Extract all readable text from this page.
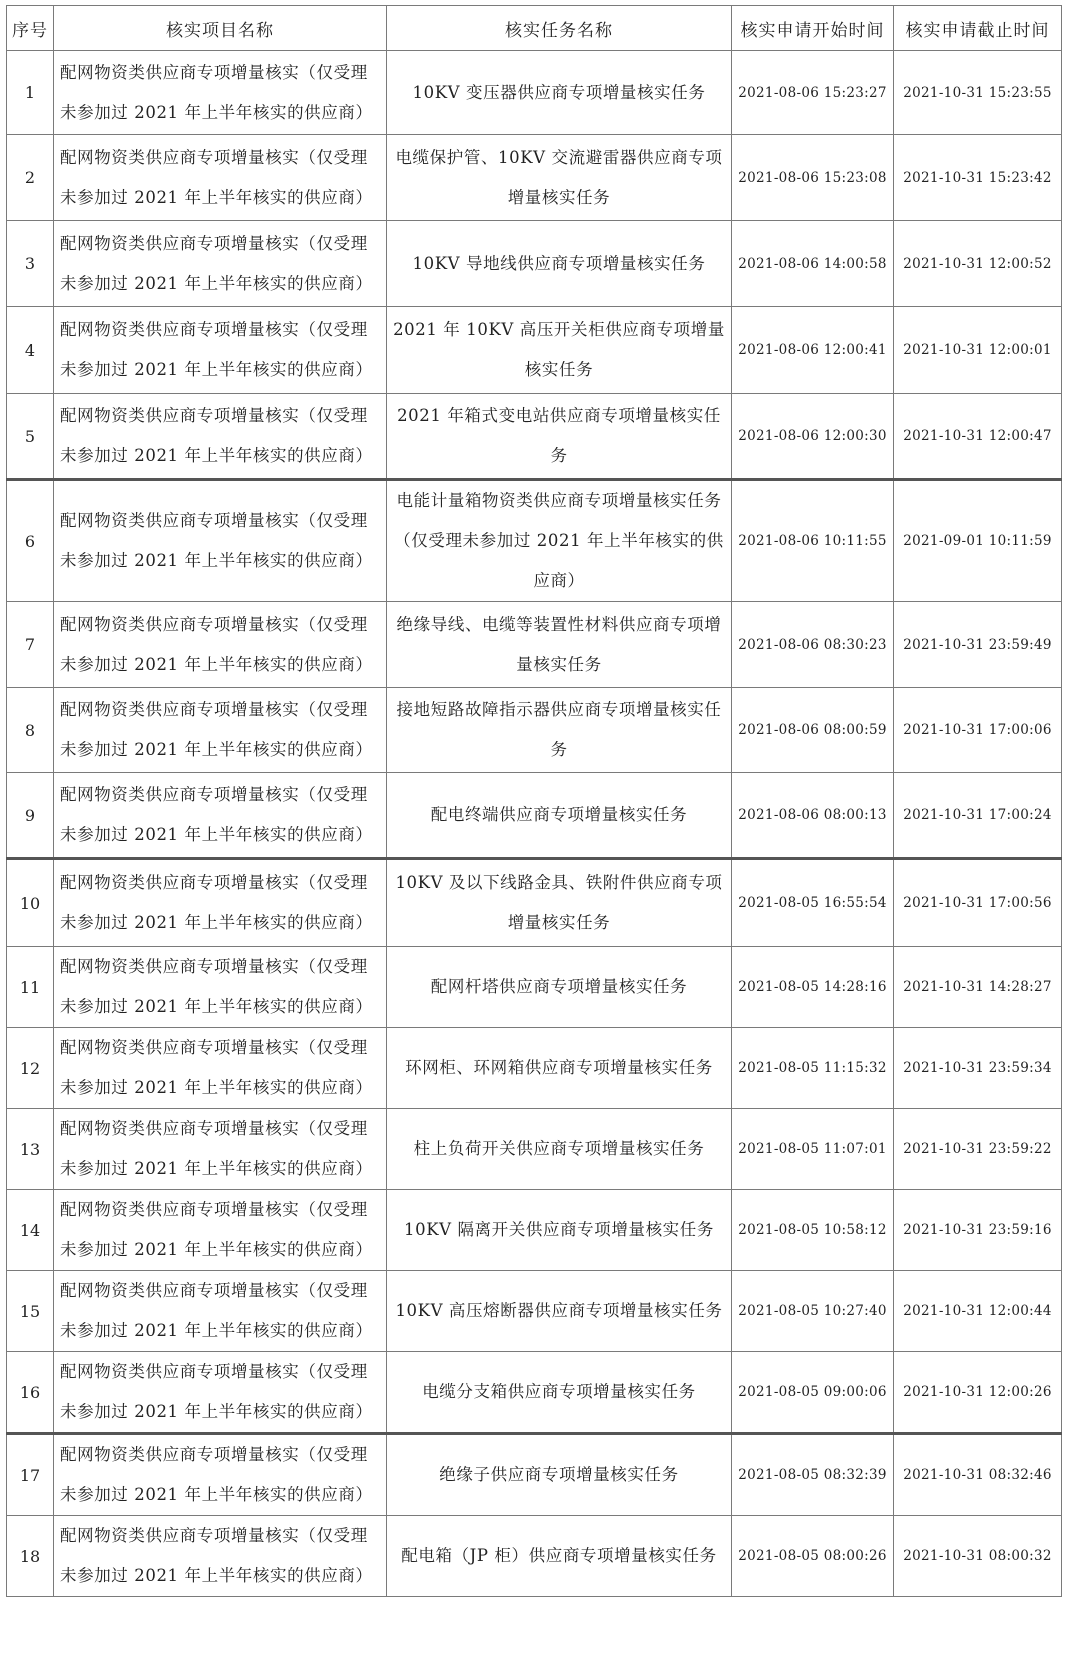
序号	核实项目名称	核实任务名称	核实申请开始时间	核实申请截止时间
1	配网物资类供应商专项增量核实（仅受理未参加过 2021 年上半年核实的供应商）	10KV 变压器供应商专项增量核实任务	2021-08-06 15:23:27	2021-10-31 15:23:55
2	配网物资类供应商专项增量核实（仅受理未参加过 2021 年上半年核实的供应商）	电缆保护管、10KV 交流避雷器供应商专项增量核实任务	2021-08-06 15:23:08	2021-10-31 15:23:42
3	配网物资类供应商专项增量核实（仅受理未参加过 2021 年上半年核实的供应商）	10KV 导地线供应商专项增量核实任务	2021-08-06 14:00:58	2021-10-31 12:00:52
4	配网物资类供应商专项增量核实（仅受理未参加过 2021 年上半年核实的供应商）	2021 年 10KV 高压开关柜供应商专项增量核实任务	2021-08-06 12:00:41	2021-10-31 12:00:01
5	配网物资类供应商专项增量核实（仅受理未参加过 2021 年上半年核实的供应商）	2021 年箱式变电站供应商专项增量核实任务	2021-08-06 12:00:30	2021-10-31 12:00:47
6	配网物资类供应商专项增量核实（仅受理未参加过 2021 年上半年核实的供应商）	电能计量箱物资类供应商专项增量核实任务（仅受理未参加过 2021 年上半年核实的供应商）	2021-08-06 10:11:55	2021-09-01 10:11:59
7	配网物资类供应商专项增量核实（仅受理未参加过 2021 年上半年核实的供应商）	绝缘导线、电缆等装置性材料供应商专项增量核实任务	2021-08-06 08:30:23	2021-10-31 23:59:49
8	配网物资类供应商专项增量核实（仅受理未参加过 2021 年上半年核实的供应商）	接地短路故障指示器供应商专项增量核实任务	2021-08-06 08:00:59	2021-10-31 17:00:06
9	配网物资类供应商专项增量核实（仅受理未参加过 2021 年上半年核实的供应商）	配电终端供应商专项增量核实任务	2021-08-06 08:00:13	2021-10-31 17:00:24
10	配网物资类供应商专项增量核实（仅受理未参加过 2021 年上半年核实的供应商）	10KV 及以下线路金具、铁附件供应商专项增量核实任务	2021-08-05 16:55:54	2021-10-31 17:00:56
11	配网物资类供应商专项增量核实（仅受理未参加过 2021 年上半年核实的供应商）	配网杆塔供应商专项增量核实任务	2021-08-05 14:28:16	2021-10-31 14:28:27
12	配网物资类供应商专项增量核实（仅受理未参加过 2021 年上半年核实的供应商）	环网柜、环网箱供应商专项增量核实任务	2021-08-05 11:15:32	2021-10-31 23:59:34
13	配网物资类供应商专项增量核实（仅受理未参加过 2021 年上半年核实的供应商）	柱上负荷开关供应商专项增量核实任务	2021-08-05 11:07:01	2021-10-31 23:59:22
14	配网物资类供应商专项增量核实（仅受理未参加过 2021 年上半年核实的供应商）	10KV 隔离开关供应商专项增量核实任务	2021-08-05 10:58:12	2021-10-31 23:59:16
15	配网物资类供应商专项增量核实（仅受理未参加过 2021 年上半年核实的供应商）	10KV 高压熔断器供应商专项增量核实任务	2021-08-05 10:27:40	2021-10-31 12:00:44
16	配网物资类供应商专项增量核实（仅受理未参加过 2021 年上半年核实的供应商）	电缆分支箱供应商专项增量核实任务	2021-08-05 09:00:06	2021-10-31 12:00:26
17	配网物资类供应商专项增量核实（仅受理未参加过 2021 年上半年核实的供应商）	绝缘子供应商专项增量核实任务	2021-08-05 08:32:39	2021-10-31 08:32:46
18	配网物资类供应商专项增量核实（仅受理未参加过 2021 年上半年核实的供应商）	配电箱（JP 柜）供应商专项增量核实任务	2021-08-05 08:00:26	2021-10-31 08:00:32
